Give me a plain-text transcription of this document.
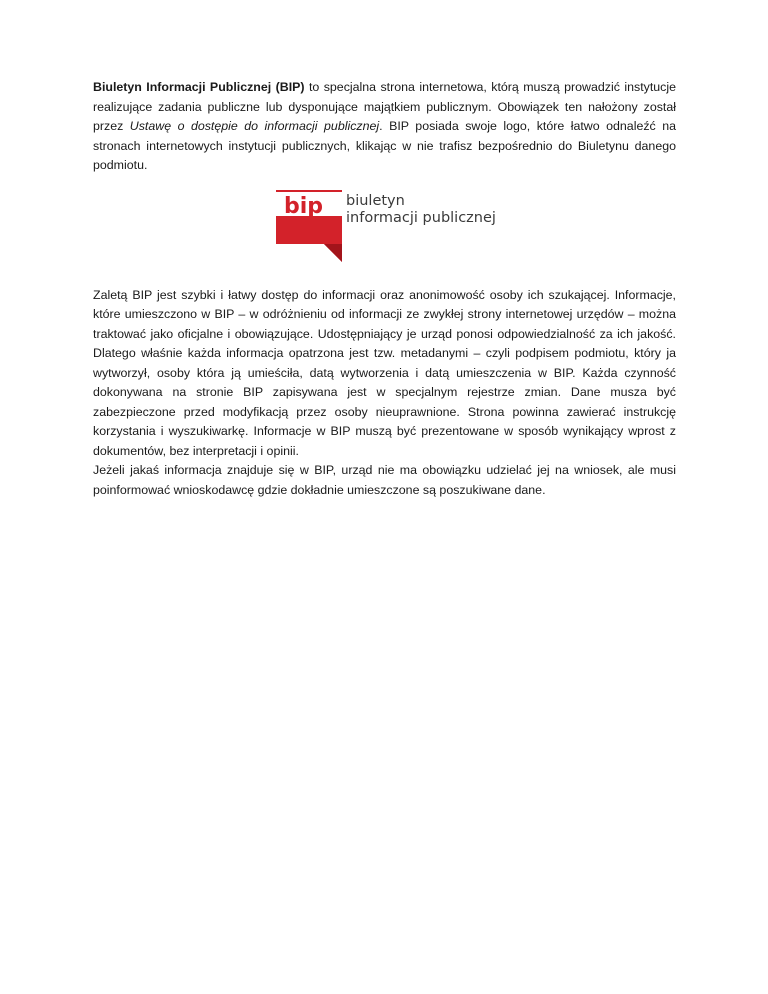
Biuletyn Informacji Publicznej (BIP) to specjalna strona internetowa, którą muszą prowadzić instytucje realizujące zadania publiczne lub dysponujące majątkiem publicznym. Obowiązek ten nałożony został przez Ustawę o dostępie do informacji publicznej. BIP posiada swoje logo, które łatwo odnaleźć na stronach internetowych instytucji publicznych, klikając w nie trafisz bezpośrednio do Biuletynu danego podmiotu.

bip biuletyn
informacji publicznej

Zaletą BIP jest szybki i łatwy dostęp do informacji oraz anonimowość osoby ich szukającej. Informacje, które umieszczono w BIP – w odróżnieniu od informacji ze zwykłej strony internetowej urzędów – można traktować jako oficjalne i obowiązujące. Udostępniający je urząd ponosi odpowiedzialność za ich jakość. Dlatego właśnie każda informacja opatrzona jest tzw. metadanymi – czyli podpisem podmiotu, który ja wytworzył, osoby która ją umieściła, datą wytworzenia i datą umieszczenia w BIP. Każda czynność dokonywana na stronie BIP zapisywana jest w specjalnym rejestrze zmian. Dane musza być zabezpieczone przed modyfikacją przez osoby nieuprawnione. Strona powinna zawierać instrukcję korzystania i wyszukiwarkę. Informacje w BIP muszą być prezentowane w sposób wynikający wprost z dokumentów, bez interpretacji i opinii.

Jeżeli jakaś informacja znajduje się w BIP, urząd nie ma obowiązku udzielać jej na wniosek, ale musi poinformować wnioskodawcę gdzie dokładnie umieszczone są poszukiwane dane.
